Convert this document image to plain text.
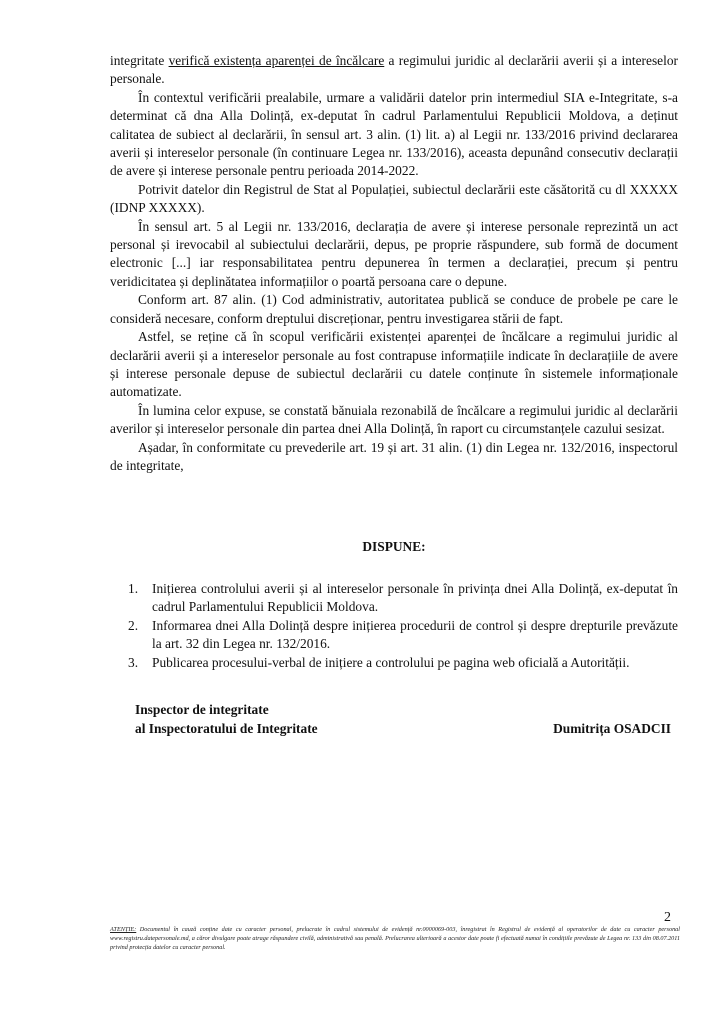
integritate verifică existența aparenței de încălcare a regimului juridic al declarării averii și a intereselor personale.

În contextul verificării prealabile, urmare a validării datelor prin intermediul SIA e-Integritate, s-a determinat că dna Alla Dolință, ex-deputat în cadrul Parlamentului Republicii Moldova, a deținut calitatea de subiect al declarării, în sensul art. 3 alin. (1) lit. a) al Legii nr. 133/2016 privind declararea averii și intereselor personale (în continuare Legea nr. 133/2016), aceasta depunând consecutiv declarații de avere și interese personale pentru perioada 2014-2022.

Potrivit datelor din Registrul de Stat al Populației, subiectul declarării este căsătorită cu dl XXXXX (IDNP XXXXX).

În sensul art. 5 al Legii nr. 133/2016, declarația de avere și interese personale reprezintă un act personal și irevocabil al subiectului declarării, depus, pe proprie răspundere, sub formă de document electronic [...] iar responsabilitatea pentru depunerea în termen a declarației, precum și pentru veridicitatea și deplinătatea informațiilor o poartă persoana care o depune.

Conform art. 87 alin. (1) Cod administrativ, autoritatea publică se conduce de probele pe care le consideră necesare, conform dreptului discreționar, pentru investigarea stării de fapt.

Astfel, se reține că în scopul verificării existenței aparenței de încălcare a regimului juridic al declarării averii și a intereselor personale au fost contrapuse informațiile indicate în declarațiile de avere și interese personale depuse de subiectul declarării cu datele conținute în sistemele informaționale automatizate.

În lumina celor expuse, se constată bănuiala rezonabilă de încălcare a regimului juridic al declarării averilor și intereselor personale din partea dnei Alla Dolință, în raport cu circumstanțele cazului sesizat.

Așadar, în conformitate cu prevederile art. 19 și art. 31 alin. (1) din Legea nr. 132/2016, inspectorul de integritate,

DISPUNE:
1. Inițierea controlului averii și al intereselor personale în privința dnei Alla Dolință, ex-deputat în cadrul Parlamentului Republicii Moldova.
2. Informarea dnei Alla Dolință despre inițierea procedurii de control și despre drepturile prevăzute la art. 32 din Legea nr. 132/2016.
3. Publicarea procesului-verbal de inițiere a controlului pe pagina web oficială a Autorității.
Inspector de integritate
al Inspectoratului de Integritate	Dumitrița OSADCII
2
ATENȚIE: Documentul în cauză conține date cu caracter personal, prelucrate în cadrul sistemului de evidență nr.0000069-003, înregistrat în Registrul de evidență al operatorilor de date cu caracter personal www.registru.datepersonale.md, a căror divulgare poate atrage răspundere civilă, administrativă sau penală. Prelucrarea ulterioară a acestor date poate fi efectuată numai în condițiile prevăzute de Legea nr. 133 din 08.07.2011 privind protecția datelor cu caracter personal.
